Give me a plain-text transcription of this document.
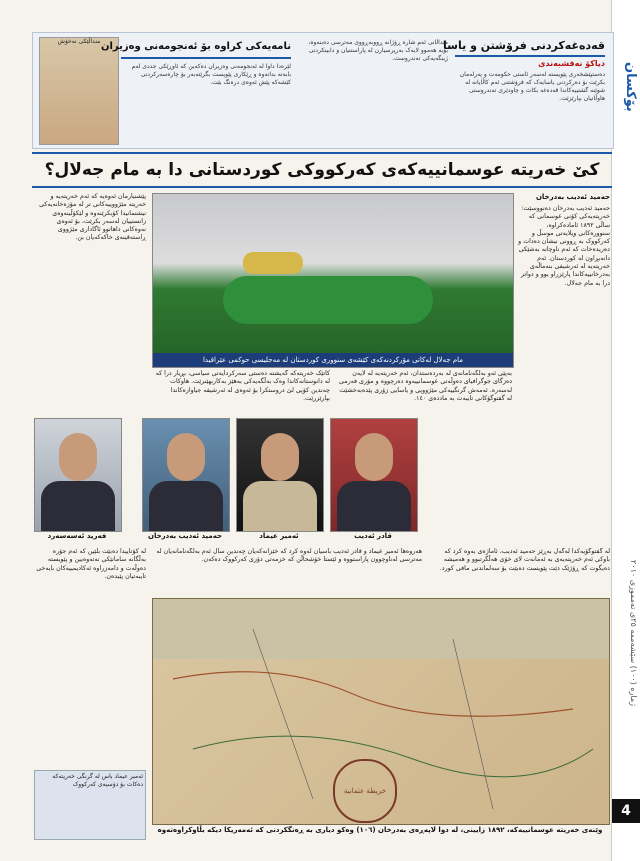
بۆکسان
ژمارە (١٠٠) سێشەممە ٢٥ی تەمموزی ٢٠١٠
4
منداڵێکی نەخۆش	قەدەغەکردنی فرۆشتن و یاسا
دیاکۆ نەقشبەندی
دەستپێشخەری پێویستە لەسەر ئاستی حکومەت و پەرلەمان بکرێت بۆ دەرکردنی یاسایەک کە فرۆشتنی ئەم کاڵایانە لە شوێنە گشتییەکاندا قەدەغە بکات و چاودێری تەندروستی هاوڵاتیان بپارێزێت.
منداڵانی ئەم شارە ڕۆژانە ڕووبەڕووی مەترسی دەبنەوە، بۆیە هەموو لایەک بەرپرسیارن لە پاراستنیان و دابینکردنی ژینگەیەکی تەندروست.
نامەیەکی کراوە بۆ ئەنجومەنی وەزیران
لێرەدا داوا لە ئەنجومەنی وەزیران دەکەین کە ئاوڕێکی جددی لەم بابەتە بداتەوە و ڕێکاری پێویست بگرێتەبەر بۆ چارەسەرکردنی کێشەکە پێش ئەوەی درەنگ بێت.
کێ خەریتە عوسمانییەکەی کەرکووکی کوردستانی دا بە مام جەلال؟
حەمید ئەدیب بەدرخان
حەمید ئەدیب بەدرخان دەنووسێت: خەریتەیەکی کۆنی عوسمانی کە ساڵی ١٨٩٢ ئامادەکراوە، سنوورەکانی ویلایەتی موسڵ و کەرکووک بە ڕوونی نیشان دەدات و دەریدەخات کە ئەم ناوچانە بەشێکی دانەبڕاون لە کوردستان. ئەم خەریتەیە لە ئەرشیفی بنەماڵەی بەدرخانییەکاندا پارێزراو بوو و دواتر درا بە مام جەلال.
پێشنیارمان ئەوەیە کە ئەم خەریتەیە و خەریتە مێژووییەکانی تر لە مۆزەخانەیەکی نیشتمانیدا کۆبکرێنەوە و لێکۆڵینەوەی زانستییان لەسەر بکرێت، بۆ ئەوەی نەوەکانی داهاتوو ئاگاداری مێژووی ڕاستەقینەی خاکەکەیان بن.
مام جەلال لەکاتی مۆرکردنەکەی کێشەی سنووری کوردستان لە مەجلیسی حوکمی عێراقیدا
بەپێی ئەو بەڵگەنامانەی لە بەردەستدان، ئەم خەریتەیە لە لایەن دەزگای جوگرافیای دەوڵەتی عوسمانییەوە دەرچووە و مۆری فەرمی لەسەرە. ئەمەش گرنگییەکی مێژوویی و یاسایی زۆری پێدەبەخشێت لە گفتوگۆکانی تایبەت بە ماددەی ١٤٠.
کاتێک خەریتەکە گەیشتە دەستی سەرکردایەتی سیاسی، بڕیار درا کە لە دانوستانەکاندا وەک بەڵگەیەکی بەهێز بەکاربهێنرێت. هاوکات چەندین کۆپی لێ دروستکرا بۆ ئەوەی لە ئەرشیفە جیاوازەکاندا بپارێزرێت.
قادر ئەدیب
ئەمیر عیماد
حەمید ئەدیب بەدرخان
فەرید ئەسەسەرد
لە گفتوگۆیەکدا لەگەڵ بەڕێز حەمید ئەدیب، ئاماژەی بەوە کرد کە باوکی ئەم خەریتەیەی بە ئەمانەت لای خۆی هەڵگرتبوو و هەمیشە دەیگوت کە ڕۆژێک دێت پێویست دەبێت بۆ سەلماندنی مافی کورد.
هەروەها ئەمیر عیماد و قادر ئەدیب باسیان لەوە کرد کە خێزانەکەیان چەندین ساڵ ئەم بەڵگەنامانەیان لە مەترسی لەناوچوون پاراستووە و ئێستا خۆشحاڵن کە خزمەتی دۆزی کەرکووک دەکەن.
لە کۆتاییدا دەبێت بڵێین کە ئەم جۆرە بەڵگانە سامانێکی نەتەوەیین و پێویستە دەوڵەت و دامەزراوە ئەکادیمییەکان بایەخی تایبەتیان پێبدەن.
ئەمیر عیماد باس لە گرنگی خەریتەکە دەکات بۆ دۆسیەی کەرکووک
خريطة عثمانية
وێنەی خەریتە عوسمانییەکە، ١٨٩٢ زایینی، لە دوا لاپەڕەی بەدرخان (١٠٦) وەکو دیاری بە ڕەنگکردنی کە ئەمەریکا دیکە بڵاوکراوەتەوە
